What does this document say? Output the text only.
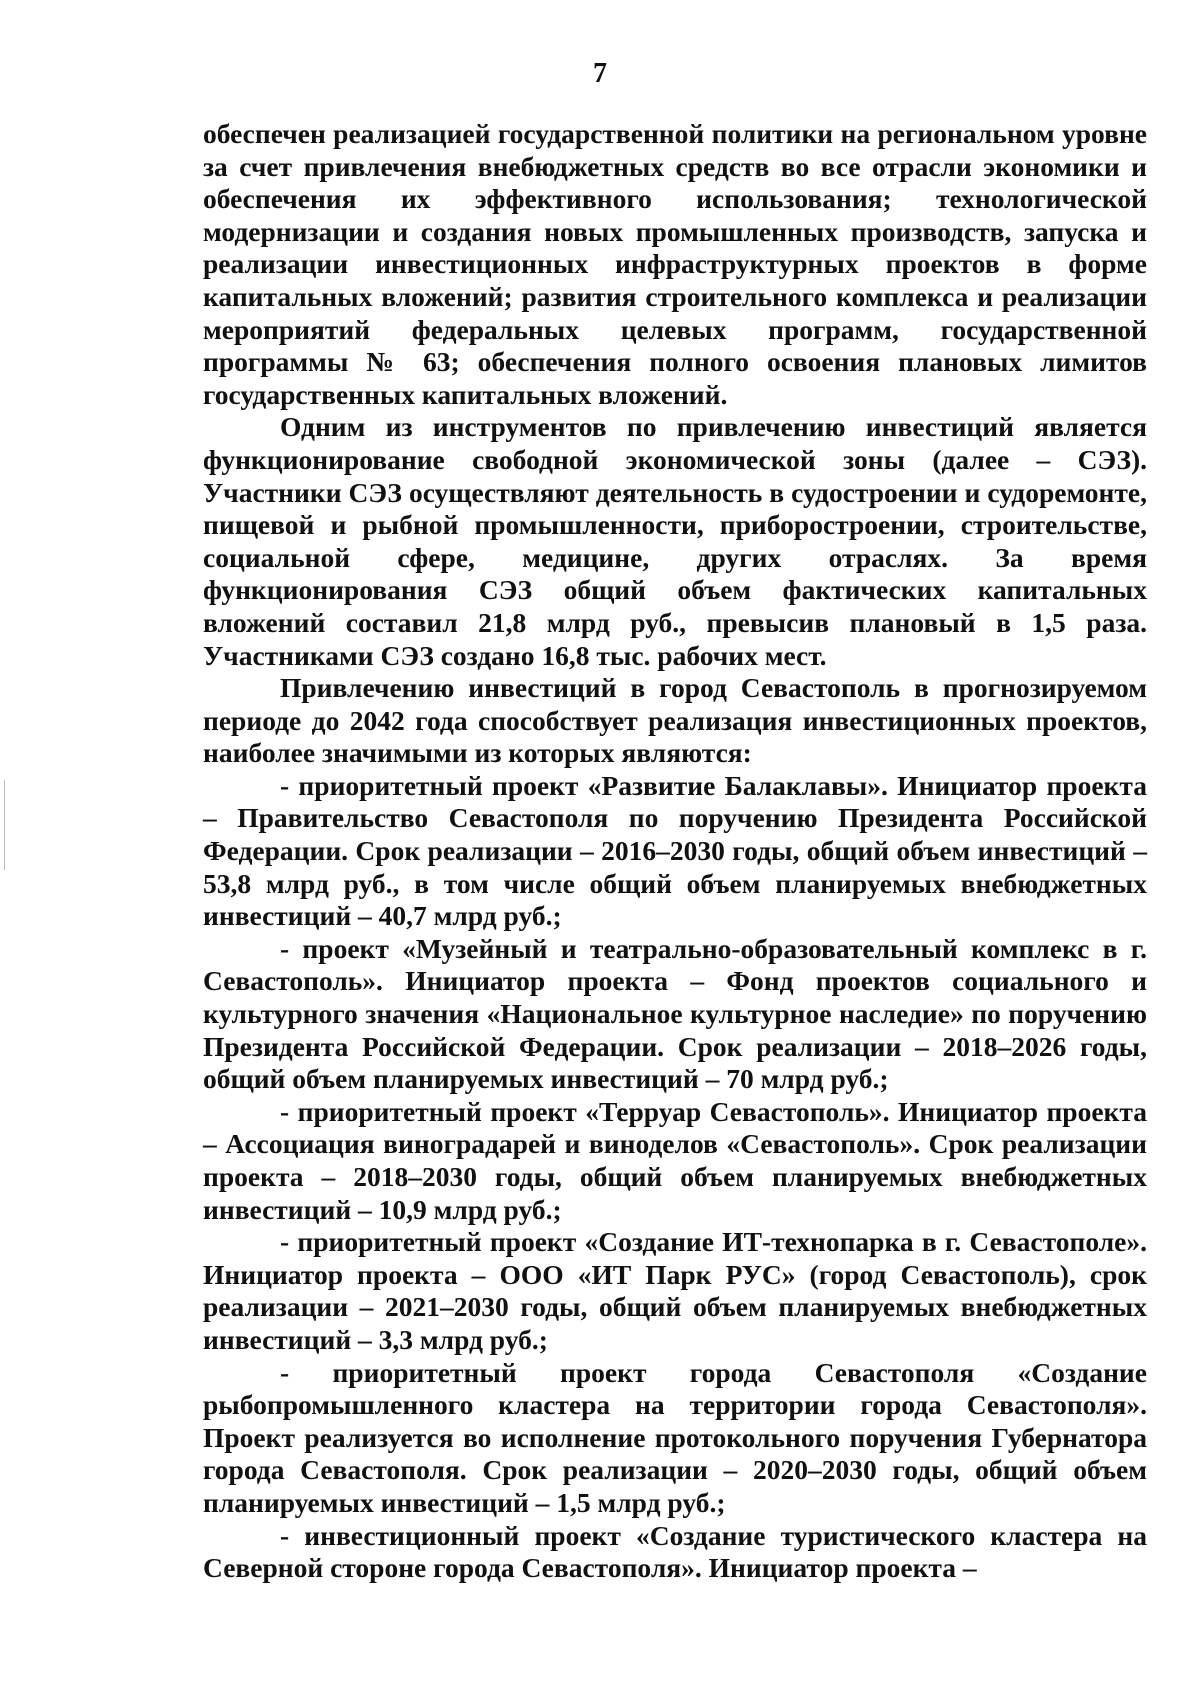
7

обеспечен реализацией государственной политики на региональном уровне за счет привлечения внебюджетных средств во все отрасли экономики и обеспечения их эффективного использования; технологической модернизации и создания новых промышленных производств, запуска и реализации инвестиционных инфраструктурных проектов в форме капитальных вложений; развития строительного комплекса и реализации мероприятий федеральных целевых программ, государственной программы № 63; обеспечения полного освоения плановых лимитов государственных капитальных вложений.

Одним из инструментов по привлечению инвестиций является функционирование свободной экономической зоны (далее – СЭЗ). Участники СЭЗ осуществляют деятельность в судостроении и судоремонте, пищевой и рыбной промышленности, приборостроении, строительстве, социальной сфере, медицине, других отраслях. За время функционирования СЭЗ общий объем фактических капитальных вложений составил 21,8 млрд руб., превысив плановый в 1,5 раза. Участниками СЭЗ создано 16,8 тыс. рабочих мест.

Привлечению инвестиций в город Севастополь в прогнозируемом периоде до 2042 года способствует реализация инвестиционных проектов, наиболее значимыми из которых являются:

- приоритетный проект «Развитие Балаклавы». Инициатор проекта – Правительство Севастополя по поручению Президента Российской Федерации. Срок реализации – 2016–2030 годы, общий объем инвестиций – 53,8 млрд руб., в том числе общий объем планируемых внебюджетных инвестиций – 40,7 млрд руб.;

- проект «Музейный и театрально-образовательный комплекс в г. Севастополь». Инициатор проекта – Фонд проектов социального и культурного значения «Национальное культурное наследие» по поручению Президента Российской Федерации. Срок реализации – 2018–2026 годы, общий объем планируемых инвестиций – 70 млрд руб.;

- приоритетный проект «Терруар Севастополь». Инициатор проекта – Ассоциация виноградарей и виноделов «Севастополь». Срок реализации проекта – 2018–2030 годы, общий объем планируемых внебюджетных инвестиций – 10,9 млрд руб.;

- приоритетный проект «Создание ИТ-технопарка в г. Севастополе». Инициатор проекта – ООО «ИТ Парк РУС» (город Севастополь), срок реализации – 2021–2030 годы, общий объем планируемых внебюджетных инвестиций – 3,3 млрд руб.;

- приоритетный проект города Севастополя «Создание рыбопромышленного кластера на территории города Севастополя». Проект реализуется во исполнение протокольного поручения Губернатора города Севастополя. Срок реализации – 2020–2030 годы, общий объем планируемых инвестиций – 1,5 млрд руб.;

- инвестиционный проект «Создание туристического кластера на Северной стороне города Севастополя». Инициатор проекта –
